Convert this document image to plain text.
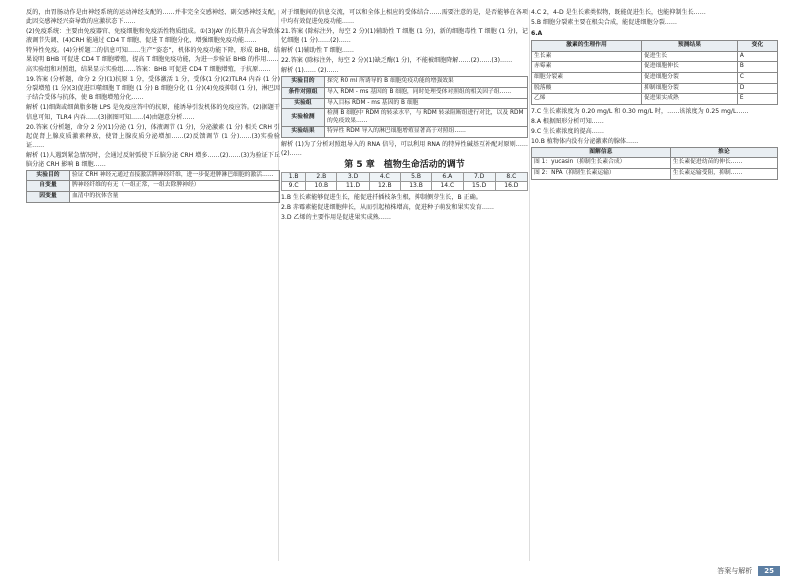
反的，由胃肠动作是由神经系统的运动神经支配的……并非完全交感神经、副交感神经支配，此因交感神经兴奋导致的应激状态下……

(2)免疫系统：主要由免疫器官、免疫细胞和免疫活性物质组成。①(3)JAY 的长期升高会导致体液调节失调、(4)CRH 能通过 CD4 T 细胞、促进 T 细胞分化、增强细胞免疫功能……

特异性免疫。(4)分析题二的信息可知……生产“姿态”，机体的免疫功能下降，形成 BHB，结果说明 BHB 可促进 CD4 T 细胞增殖，提高 T 细胞免疫功能，为进一步验证 BHB 的作用……

高实验组和对照组，结果显示实验组……答案：BHB 可促进 CD4 T 细胞增殖，于抗原……

19.答案 (分析题，命分 2 分)(1)抗原 1 分，受体激活 1 分，受体(1 分)(2)TLR4 内吞 (1 分) 分裂增殖 (1 分)(3)促进巨噬细胞 T 细胞 (1 分) B 细胞分化 (1 分)(4)免疫抑制 (1 分)，淋巴因子结合受体与抗体，使 B 细胞增殖分化……

解析 (1)细菌或细菌脂多糖 LPS 是免疫应答中的抗原，能诱导引发机体的免疫应答。(2)据题干信息可知，TLR4 内吞……(3)据图可知……(4)由题意分析……

20.答案 (分析题，命分 2 分)(1)分泌 (1 分)，体液调节 (1 分)，分泌激素 (1 分) 相关 CRH 引起促肾上腺皮质激素释放，使肾上腺皮质分泌增加……(2)反馈调节 (1 分)……(3)实验验证……

解析 (1)人遇到紧急情况时，会通过反射弧使下丘脑分泌 CRH 增多……(2)……(3)为验证下丘脑分泌 CRH 影响 B 细胞……

实验目的	验证 CRH 神经元通过直接激活脾神经纤维，进一步促进脾淋巴细胞的激活……
自变量	脾神经纤维的有无（一组正常，一组去除脾神经）
因变量	血清中的抗体含量

对于细胞间的信息交流，可以和全体上相应的受体结合……需要注意的是，是否能够在各项中均有效促进免疫功能……

21.答案 (除标注外，每空 2 分)(1)辅助性 T 细胞 (1 分)，新的细胞毒性 T 细胞 (1 分)，记忆细胞 (1 分)……(2)……

解析 (1)辅助性 T 细胞……

22.答案 (除标注外，每空 2 分)(1)缺乏酶(1 分)，不能被细胞降解……(2)……(3)……

解析 (1)…… (2)……

实验目的	探究 R0 ml 所诱导的 B 细胞免疫功能的增强效果
条件对照组	导入 RDM - ms 基因的 B 细胞，同时处理受体对照组的相关因子组……
实验组	导入目标 RDM - ms 基因的 B 细胞
实验检测	检测 B 细胞中 RDM 的转录水平，与 RDM 转录阻断组进行对比，以及 RDM 的免疫效果……
实验结果	特异性 RDM 导入的淋巴细胞增殖显著高于对照组……

解析 (1)为了分析对照组导入的 RNA 信号，可以利用 RNA 的特异性碱基互补配对原则……(2)……

第 5 章　植物生命活动的调节
1.B	2.B	3.D	4.C	5.B	6.A	7.D	8.C
9.C	10.B	11.D	12.B	13.B	14.C	15.D	16.D

1.B 生长素能够促进生长，能促进扦插枝条生根，抑制侧芽生长，B 正确。

2.B 赤霉素能促进细胞伸长，从而引起植株增高，促进种子萌发和果实发育……

3.D 乙烯的主要作用是促进果实成熟……

4.C 2，4-D 是生长素类似物，既能促进生长，也能抑制生长……

5.B 细胞分裂素主要在根尖合成，能促进细胞分裂……

6.A
激素的生理作用	预测结果	变化
生长素	促进生长	A
赤霉素	促进细胞伸长	B
细胞分裂素	促进细胞分裂	C
脱落酸	抑制细胞分裂	D
乙烯	促进果实成熟	E

7.C 生长素浓度为 0.20 mg/L 和 0.30 mg/L 时，……该浓度为 0.25 mg/L……

8.A 根据图形分析可知……

9.C 生长素浓度的提高……

10.B 植物体内没有分泌激素的腺体……

图解信息	推论
图 1：yucasin（抑制生长素合成）	生长素促进幼苗的伸长……
图 2：NPA（抑制生长素运输）	生长素运输受阻，抑制……
答案与解析	25
